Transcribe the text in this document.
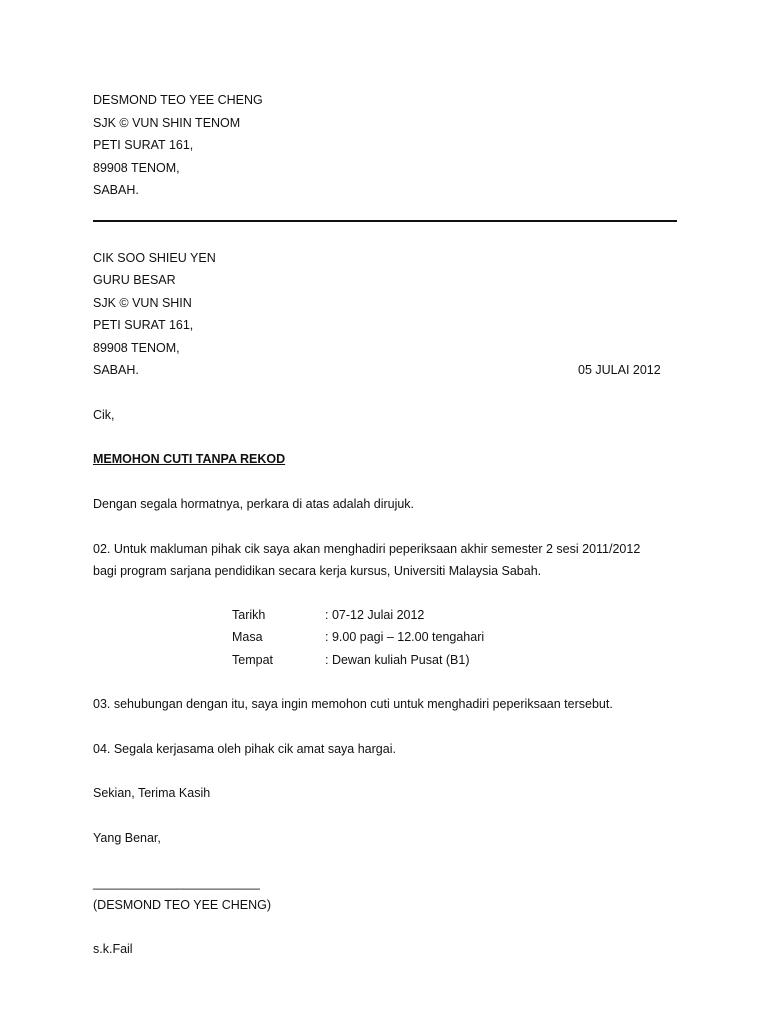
DESMOND TEO YEE CHENG
SJK © VUN SHIN TENOM
PETI SURAT 161,
89908 TENOM,
SABAH.
CIK SOO SHIEU YEN
GURU BESAR
SJK © VUN SHIN
PETI SURAT 161,
89908 TENOM,
SABAH.	05 JULAI 2012
Cik,
MEMOHON CUTI TANPA REKOD
Dengan segala hormatnya, perkara di atas adalah dirujuk.
02. Untuk makluman pihak cik saya akan menghadiri peperiksaan akhir semester 2 sesi 2011/2012
bagi program sarjana pendidikan secara kerja kursus, Universiti Malaysia Sabah.
Tarikh	: 07-12 Julai 2012
Masa	: 9.00 pagi – 12.00 tengahari
Tempat	: Dewan kuliah Pusat (B1)
03. sehubungan dengan itu, saya ingin memohon cuti untuk menghadiri peperiksaan tersebut.
04. Segala kerjasama oleh pihak cik amat saya hargai.
Sekian, Terima Kasih
Yang Benar,
________________________
(DESMOND TEO YEE CHENG)
s.k.Fail
